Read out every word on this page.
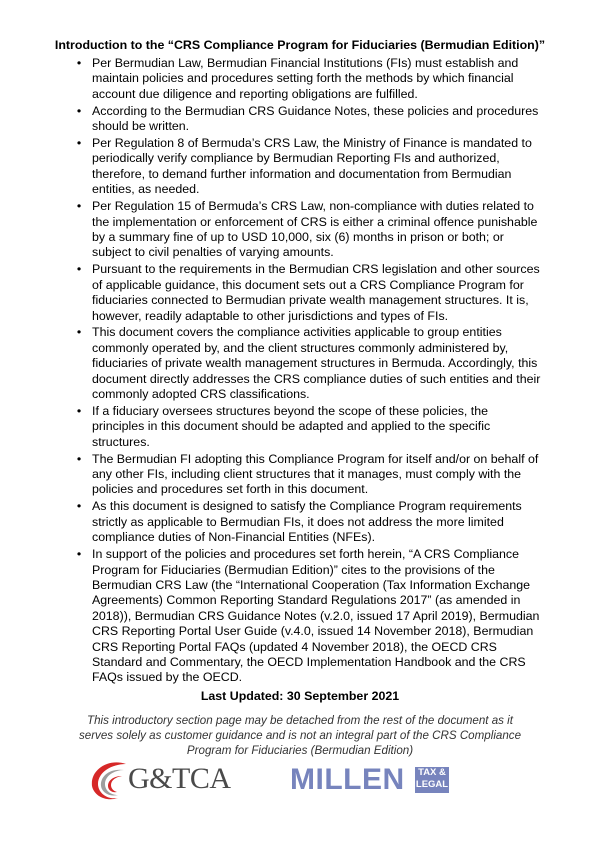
Introduction to the “CRS Compliance Program for Fiduciaries (Bermudian Edition)”
• Per Bermudian Law, Bermudian Financial Institutions (FIs) must establish and maintain policies and procedures setting forth the methods by which financial account due diligence and reporting obligations are fulfilled.
• According to the Bermudian CRS Guidance Notes, these policies and procedures should be written.
• Per Regulation 8 of Bermuda’s CRS Law, the Ministry of Finance is mandated to periodically verify compliance by Bermudian Reporting FIs and authorized, therefore, to demand further information and documentation from Bermudian entities, as needed.
• Per Regulation 15 of Bermuda’s CRS Law, non-compliance with duties related to the implementation or enforcement of CRS is either a criminal offence punishable by a summary fine of up to USD 10,000, six (6) months in prison or both; or subject to civil penalties of varying amounts.
• Pursuant to the requirements in the Bermudian CRS legislation and other sources of applicable guidance, this document sets out a CRS Compliance Program for fiduciaries connected to Bermudian private wealth management structures. It is, however, readily adaptable to other jurisdictions and types of FIs.
• This document covers the compliance activities applicable to group entities commonly operated by, and the client structures commonly administered by, fiduciaries of private wealth management structures in Bermuda. Accordingly, this document directly addresses the CRS compliance duties of such entities and their commonly adopted CRS classifications.
• If a fiduciary oversees structures beyond the scope of these policies, the principles in this document should be adapted and applied to the specific structures.
• The Bermudian FI adopting this Compliance Program for itself and/or on behalf of any other FIs, including client structures that it manages, must comply with the policies and procedures set forth in this document.
• As this document is designed to satisfy the Compliance Program requirements strictly as applicable to Bermudian FIs, it does not address the more limited compliance duties of Non-Financial Entities (NFEs).
• In support of the policies and procedures set forth herein, “A CRS Compliance Program for Fiduciaries (Bermudian Edition)” cites to the provisions of the Bermudian CRS Law (the “International Cooperation (Tax Information Exchange Agreements) Common Reporting Standard Regulations 2017” (as amended in 2018)), Bermudian CRS Guidance Notes (v.2.0, issued 17 April 2019), Bermudian CRS Reporting Portal User Guide (v.4.0, issued 14 November 2018), Bermudian CRS Reporting Portal FAQs (updated 4 November 2018), the OECD CRS Standard and Commentary, the OECD Implementation Handbook and the CRS FAQs issued by the OECD.
Last Updated: 30 September 2021
This introductory section page may be detached from the rest of the document as it serves solely as customer guidance and is not an integral part of the CRS Compliance Program for Fiduciaries (Bermudian Edition)
G&TCA MILLEN	TAX &
LEGAL
